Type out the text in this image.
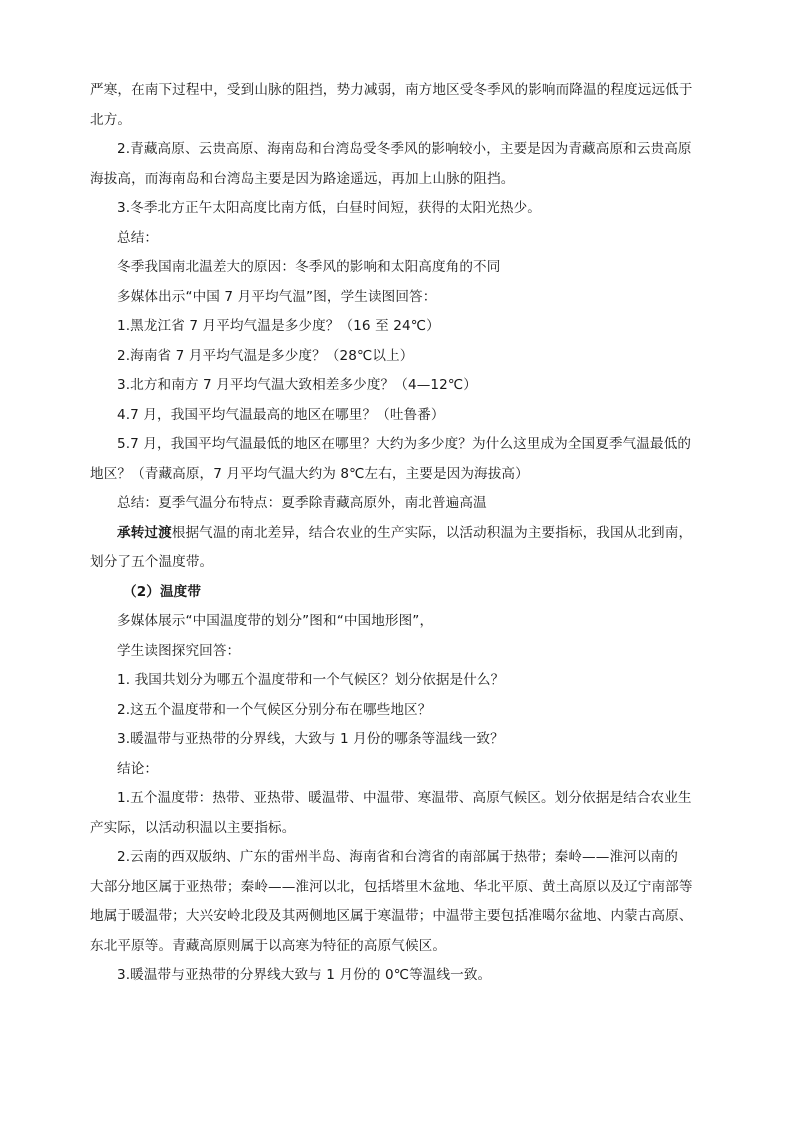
严寒，在南下过程中，受到山脉的阻挡，势力减弱，南方地区受冬季风的影响而降温的程度远远低于
北方。
2.青藏高原、云贵高原、海南岛和台湾岛受冬季风的影响较小，主要是因为青藏高原和云贵高原
海拔高，而海南岛和台湾岛主要是因为路途遥远，再加上山脉的阻挡。
3.冬季北方正午太阳高度比南方低，白昼时间短，获得的太阳光热少。
总结：
冬季我国南北温差大的原因：冬季风的影响和太阳高度角的不同
多媒体出示“中国 7 月平均气温”图，学生读图回答：
1.黑龙江省 7 月平均气温是多少度？（16 至 24℃）
2.海南省 7 月平均气温是多少度？（28℃以上）
3.北方和南方 7 月平均气温大致相差多少度？（4—12℃）
4.7 月，我国平均气温最高的地区在哪里？（吐鲁番）
5.7 月，我国平均气温最低的地区在哪里？大约为多少度？为什么这里成为全国夏季气温最低的
地区？（青藏高原，7 月平均气温大约为 8℃左右，主要是因为海拔高）
总结：夏季气温分布特点：夏季除青藏高原外，南北普遍高温
承转过渡根据气温的南北差异，结合农业的生产实际，以活动积温为主要指标，我国从北到南，
划分了五个温度带。
（2）温度带
多媒体展示“中国温度带的划分”图和“中国地形图”，
学生读图探究回答：
1. 我国共划分为哪五个温度带和一个气候区？划分依据是什么？
2.这五个温度带和一个气候区分别分布在哪些地区？
3.暖温带与亚热带的分界线，大致与 1 月份的哪条等温线一致？
结论：
1.五个温度带：热带、亚热带、暖温带、中温带、寒温带、高原气候区。划分依据是结合农业生
产实际，以活动积温以主要指标。
2.云南的西双版纳、广东的雷州半岛、海南省和台湾省的南部属于热带；秦岭——淮河以南的
大部分地区属于亚热带；秦岭——淮河以北，包括塔里木盆地、华北平原、黄土高原以及辽宁南部等
地属于暖温带；大兴安岭北段及其两侧地区属于寒温带；中温带主要包括准噶尔盆地、内蒙古高原、
东北平原等。青藏高原则属于以高寒为特征的高原气候区。
3.暖温带与亚热带的分界线大致与 1 月份的 0℃等温线一致。
